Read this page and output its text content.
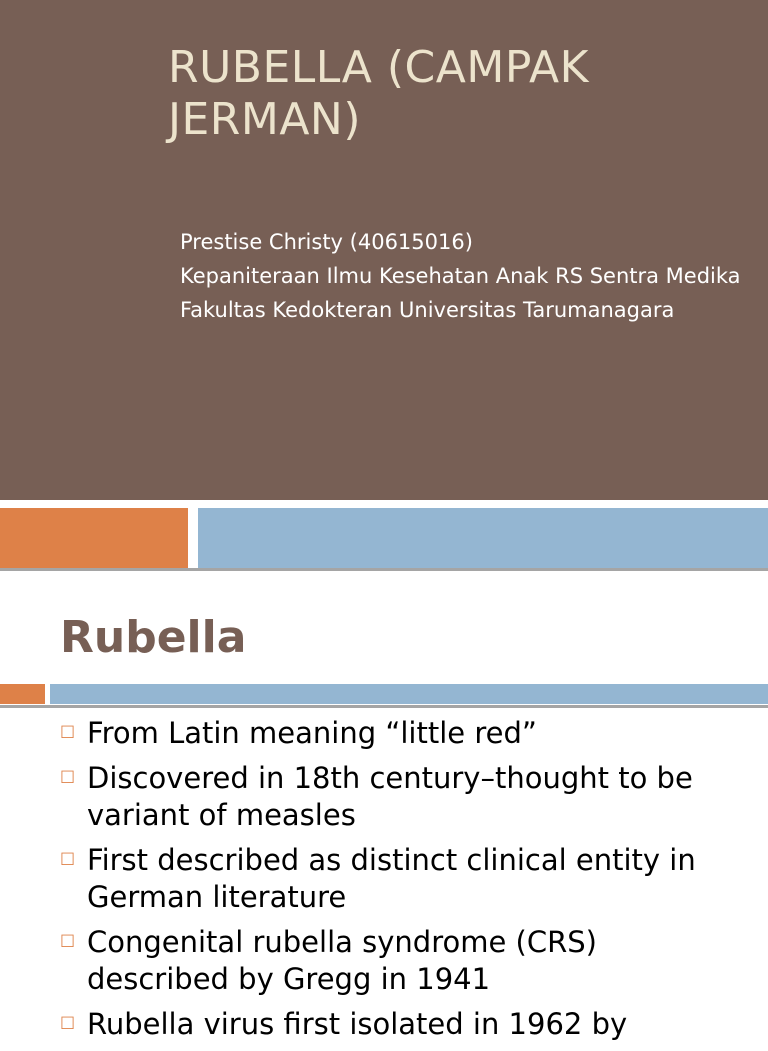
RUBELLA (CAMPAK JERMAN)
Prestise Christy (40615016)
Kepaniteraan Ilmu Kesehatan Anak RS Sentra Medika
Fakultas Kedokteran Universitas Tarumanagara
Rubella
□ From Latin meaning “little red”
□ Discovered in 18th century–thought to be variant of measles
□ First described as distinct clinical entity in German literature
□ Congenital rubella syndrome (CRS) described by Gregg in 1941
□ Rubella virus first isolated in 1962 by
